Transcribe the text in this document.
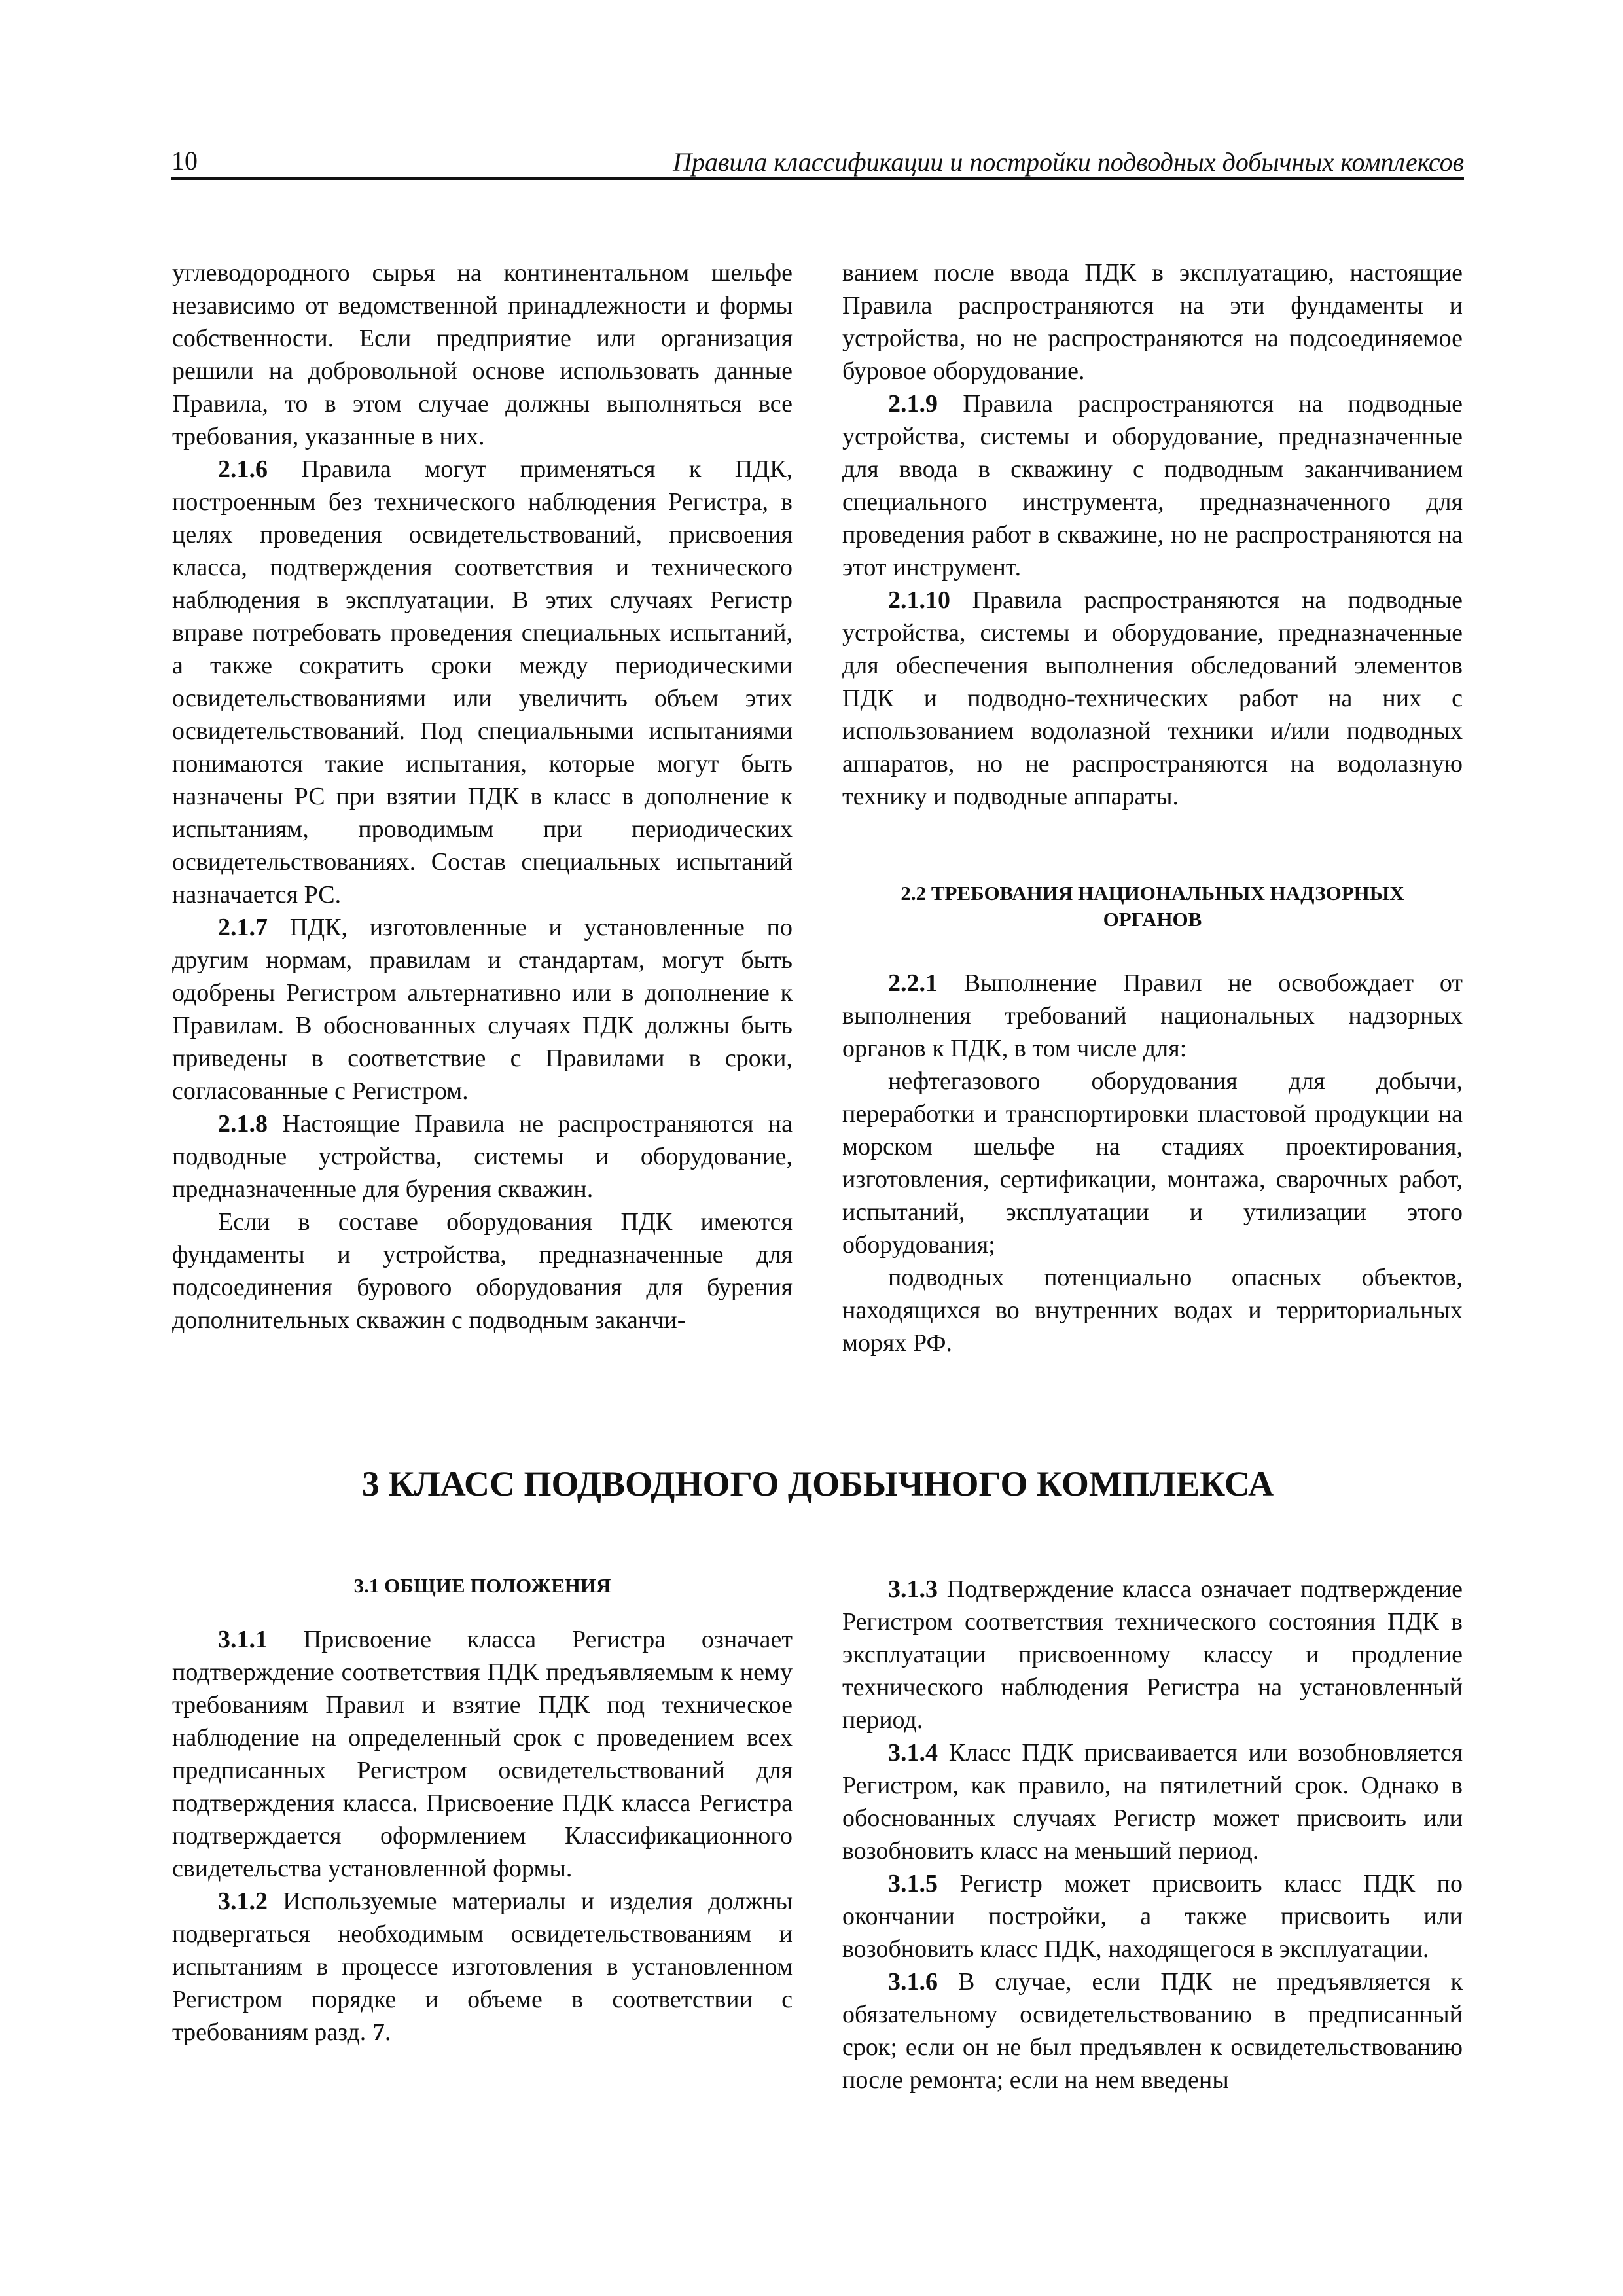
10	Правила классификации и постройки подводных добычных комплексов

углеводородного сырья на континентальном шельфе независимо от ведомственной принадлежности и формы собственности. Если предприятие или организация решили на добровольной основе использовать данные Правила, то в этом случае должны выполняться все требования, указанные в них.

2.1.6 Правила могут применяться к ПДК, построенным без технического наблюдения Регистра, в целях проведения освидетельствований, присвоения класса, подтверждения соответствия и технического наблюдения в эксплуатации. В этих случаях Регистр вправе потребовать проведения специальных испытаний, а также сократить сроки между периодическими освидетельствованиями или увеличить объем этих освидетельствований. Под специальными испытаниями понимаются такие испытания, которые могут быть назначены РС при взятии ПДК в класс в дополнение к испытаниям, проводимым при периодических освидетельствованиях. Состав специальных испытаний назначается РС.

2.1.7 ПДК, изготовленные и установленные по другим нормам, правилам и стандартам, могут быть одобрены Регистром альтернативно или в дополнение к Правилам. В обоснованных случаях ПДК должны быть приведены в соответствие с Правилами в сроки, согласованные с Регистром.

2.1.8 Настоящие Правила не распространяются на подводные устройства, системы и оборудование, предназначенные для бурения скважин.

Если в составе оборудования ПДК имеются фундаменты и устройства, предназначенные для подсоединения бурового оборудования для бурения дополнительных скважин с подводным заканчи-

ванием после ввода ПДК в эксплуатацию, настоящие Правила распространяются на эти фундаменты и устройства, но не распространяются на подсоединяемое буровое оборудование.

2.1.9 Правила распространяются на подводные устройства, системы и оборудование, предназначенные для ввода в скважину с подводным заканчиванием специального инструмента, предназначенного для проведения работ в скважине, но не распространяются на этот инструмент.

2.1.10 Правила распространяются на подводные устройства, системы и оборудование, предназначенные для обеспечения выполнения обследований элементов ПДК и подводно-технических работ на них с использованием водолазной техники и/или подводных аппаратов, но не распространяются на водолазную технику и подводные аппараты.

2.2 ТРЕБОВАНИЯ НАЦИОНАЛЬНЫХ НАДЗОРНЫХ
ОРГАНОВ

2.2.1 Выполнение Правил не освобождает от выполнения требований национальных надзорных органов к ПДК, в том числе для:

нефтегазового оборудования для добычи, переработки и транспортировки пластовой продукции на морском шельфе на стадиях проектирования, изготовления, сертификации, монтажа, сварочных работ, испытаний, эксплуатации и утилизации этого оборудования;

подводных потенциально опасных объектов, находящихся во внутренних водах и территориальных морях РФ.

3 КЛАСС ПОДВОДНОГО ДОБЫЧНОГО КОМПЛЕКСА

3.1 ОБЩИЕ ПОЛОЖЕНИЯ

3.1.1 Присвоение класса Регистра означает подтверждение соответствия ПДК предъявляемым к нему требованиям Правил и взятие ПДК под техническое наблюдение на определенный срок с проведением всех предписанных Регистром освидетельствований для подтверждения класса. Присвоение ПДК класса Регистра подтверждается оформлением Классификационного свидетельства установленной формы.

3.1.2 Используемые материалы и изделия должны подвергаться необходимым освидетельствованиям и испытаниям в процессе изготовления в установленном Регистром порядке и объеме в соответствии с требованиям разд. 7.

3.1.3 Подтверждение класса означает подтверждение Регистром соответствия технического состояния ПДК в эксплуатации присвоенному классу и продление технического наблюдения Регистра на установленный период.

3.1.4 Класс ПДК присваивается или возобновляется Регистром, как правило, на пятилетний срок. Однако в обоснованных случаях Регистр может присвоить или возобновить класс на меньший период.

3.1.5 Регистр может присвоить класс ПДК по окончании постройки, а также присвоить или возобновить класс ПДК, находящегося в эксплуатации.

3.1.6 В случае, если ПДК не предъявляется к обязательному освидетельствованию в предписанный срок; если он не был предъявлен к освидетельствованию после ремонта; если на нем введены
